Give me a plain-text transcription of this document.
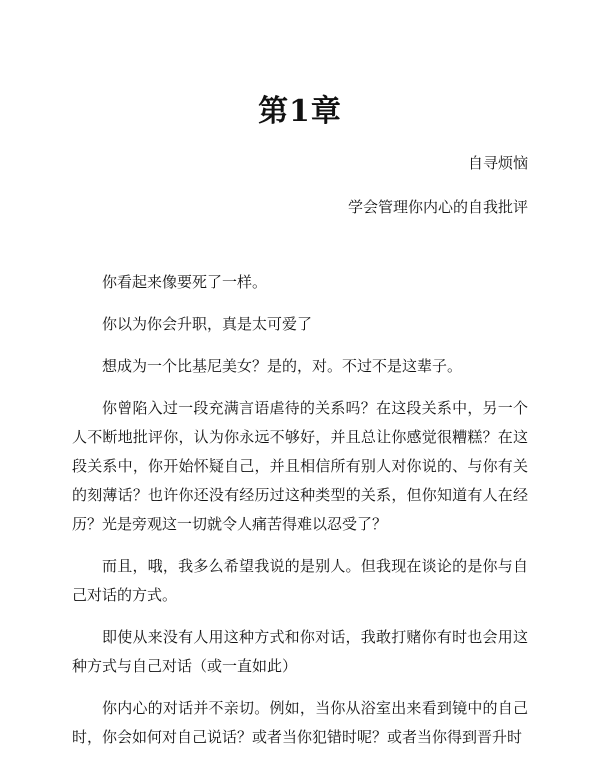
第1章

自寻烦恼

学会管理你内心的自我批评

你看起来像要死了一样。

你以为你会升职，真是太可爱了

想成为一个比基尼美女？是的，对。不过不是这辈子。

你曾陷入过一段充满言语虐待的关系吗？在这段关系中，另一个人不断地批评你，认为你永远不够好，并且总让你感觉很糟糕？在这段关系中，你开始怀疑自己，并且相信所有别人对你说的、与你有关的刻薄话？也许你还没有经历过这种类型的关系，但你知道有人在经历？光是旁观这一切就令人痛苦得难以忍受了？

而且，哦，我多么希望我说的是别人。但我现在谈论的是你与自己对话的方式。

即使从来没有人用这种方式和你对话，我敢打赌你有时也会用这种方式与自己对话（或一直如此）

你内心的对话并不亲切。例如，当你从浴室出来看到镜中的自己时，你会如何对自己说话？或者当你犯错时呢？或者当你得到晋升时
